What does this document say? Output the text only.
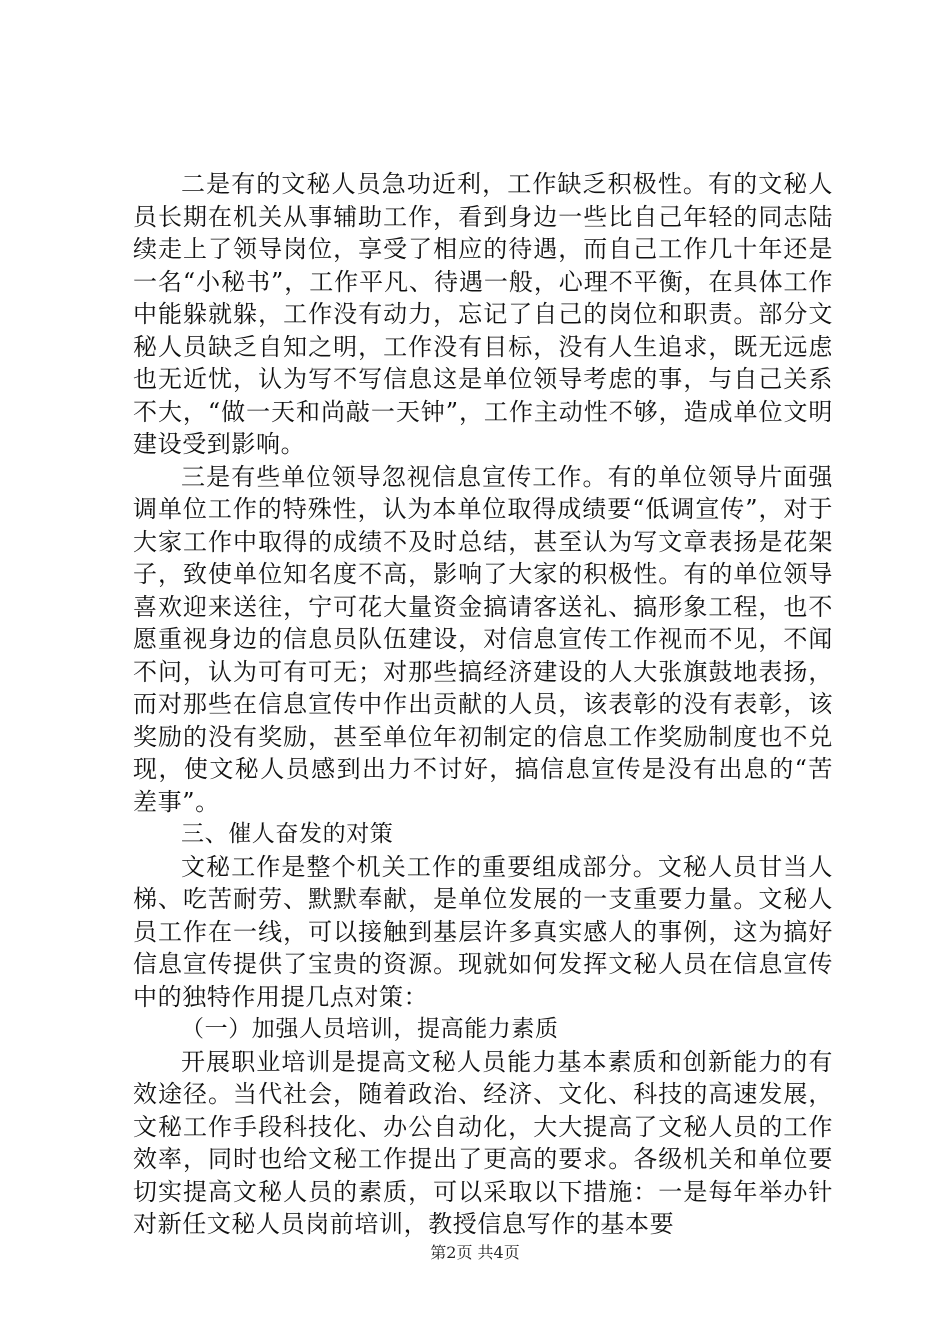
二是有的文秘人员急功近利，工作缺乏积极性。有的文秘人员长期在机关从事辅助工作，看到身边一些比自己年轻的同志陆续走上了领导岗位，享受了相应的待遇，而自己工作几十年还是一名“小秘书”，工作平凡、待遇一般，心理不平衡，在具体工作中能躲就躲，工作没有动力，忘记了自己的岗位和职责。部分文秘人员缺乏自知之明，工作没有目标，没有人生追求，既无远虑也无近忧，认为写不写信息这是单位领导考虑的事，与自己关系不大，“做一天和尚敲一天钟”，工作主动性不够，造成单位文明建设受到影响。

三是有些单位领导忽视信息宣传工作。有的单位领导片面强调单位工作的特殊性，认为本单位取得成绩要“低调宣传”，对于大家工作中取得的成绩不及时总结，甚至认为写文章表扬是花架子，致使单位知名度不高，影响了大家的积极性。有的单位领导喜欢迎来送往，宁可花大量资金搞请客送礼、搞形象工程，也不愿重视身边的信息员队伍建设，对信息宣传工作视而不见，不闻不问，认为可有可无；对那些搞经济建设的人大张旗鼓地表扬，而对那些在信息宣传中作出贡献的人员，该表彰的没有表彰，该奖励的没有奖励，甚至单位年初制定的信息工作奖励制度也不兑现，使文秘人员感到出力不讨好，搞信息宣传是没有出息的“苦差事”。

三、催人奋发的对策

文秘工作是整个机关工作的重要组成部分。文秘人员甘当人梯、吃苦耐劳、默默奉献，是单位发展的一支重要力量。文秘人员工作在一线，可以接触到基层许多真实感人的事例，这为搞好信息宣传提供了宝贵的资源。现就如何发挥文秘人员在信息宣传中的独特作用提几点对策：

（一）加强人员培训，提高能力素质

开展职业培训是提高文秘人员能力基本素质和创新能力的有效途径。当代社会，随着政治、经济、文化、科技的高速发展，文秘工作手段科技化、办公自动化，大大提高了文秘人员的工作效率，同时也给文秘工作提出了更高的要求。各级机关和单位要切实提高文秘人员的素质，可以采取以下措施：一是每年举办针对新任文秘人员岗前培训，教授信息写作的基本要

第2页 共4页
